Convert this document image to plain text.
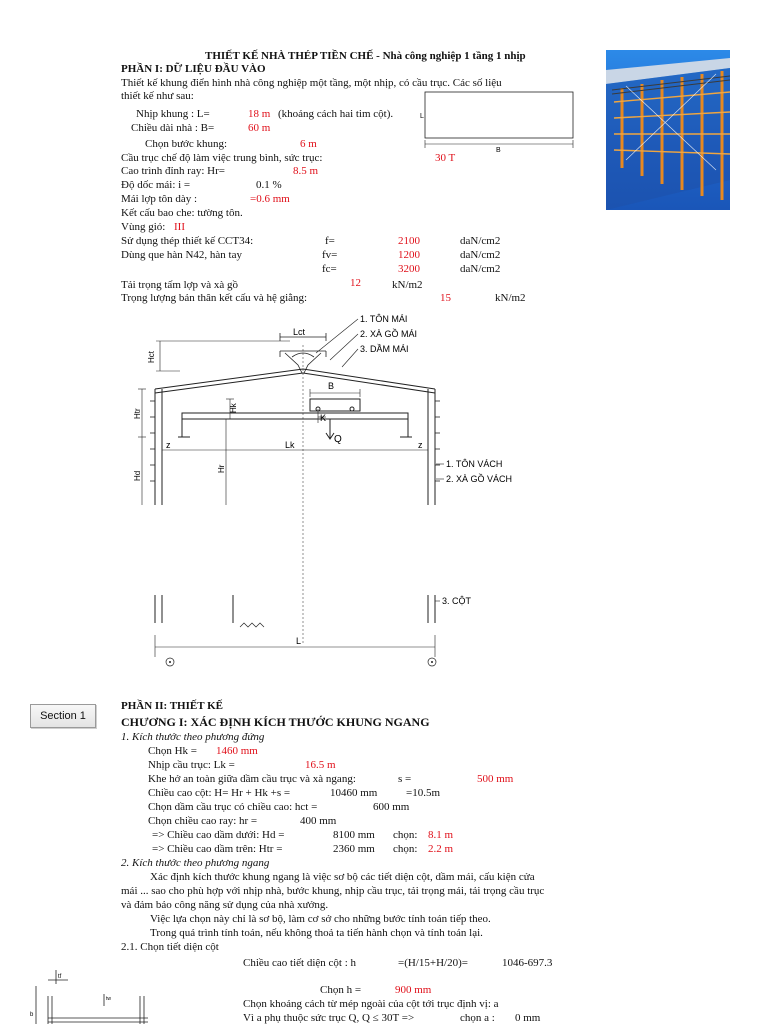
THIẾT KẾ NHÀ THÉP TIỀN CHẾ - Nhà công nghiệp 1 tầng 1 nhịp
PHẦN I: DỮ LIỆU ĐẦU VÀO
Thiết kế khung điển hình nhà công nghiệp một tầng, một nhịp, có cầu trục. Các số liệu
thiết kế như sau:
Nhịp khung : L=	18 m (khoảng cách hai tim cột).
Chiều dài nhà : B=	60 m
Chọn bước khung:	6 m
Cầu trục chế độ làm việc trung bình, sức trục:	30 T
Cao trình đỉnh ray: Hr=	8.5 m
Độ dốc mái: i =	0.1 %
Mái lợp tôn dày :	=0.6 mm
Kết cấu bao che: tường tôn.
Vùng gió: III
Sử dụng thép thiết kế CCT34:	f=	2100	daN/cm2
Dùng que hàn N42, hàn tay	fv=	1200	daN/cm2
fc=	3200	daN/cm2
Tải trọng tấm lợp và xà gồ	12	kN/m2
Trọng lượng bản thân kết cấu và hệ giằng:	15	kN/m2
L
B
1. TÔN MÁI
2. XÀ GỒ MÁI
3. DẦM MÁI
Lct
Hct
B
K
Q
Htr
Hd
Hr
Hk
Lk
z	z
1. TÔN VÁCH
2. XÀ GỒ VÁCH
3. CỘT
L
Section 1
PHẦN II: THIẾT KẾ
CHƯƠNG I: XÁC ĐỊNH KÍCH THƯỚC KHUNG NGANG
1. Kích thước theo phương đứng
Chọn Hk = 1460 mm
Nhịp cầu trục: Lk =	16.5 m
Khe hở an toàn giữa dầm cầu trục và xà ngang:	s =	500 mm
Chiều cao cột: H= Hr + Hk +s =	10460 mm	=10.5m
Chọn dầm cầu trục có chiều cao: hct =	600 mm
Chọn chiều cao ray: hr =	400 mm
=> Chiều cao dầm dưới: Hd =	8100 mm chọn: 8.1 m
=> Chiều cao dầm trên: Htr =	2360 mm chọn: 2.2 m
2. Kích thước theo phương ngang
Xác định kích thước khung ngang là việc sơ bộ các tiết diện cột, dầm mái, cấu kiện cửa
mái ... sao cho phù hợp với nhịp nhà, bước khung, nhịp cầu trục, tải trọng mái, tải trọng cầu trục
và đảm bảo công năng sử dụng của nhà xưởng.
Việc lựa chọn này chỉ là sơ bộ, làm cơ sở cho những bước tính toán tiếp theo.
Trong quá trình tính toán, nếu không thoả ta tiến hành chọn và tính toán lại.
2.1. Chọn tiết diện cột
Chiều cao tiết diện cột : h	=(H/15+H/20)=	1046-697.3
Chọn h =	900 mm
Chọn khoảng cách từ mép ngoài của cột tới trục định vị: a
Vì a phụ thuộc sức trục Q, Q ≤ 30T =>	chọn a : 0 mm
tf
tw
b
